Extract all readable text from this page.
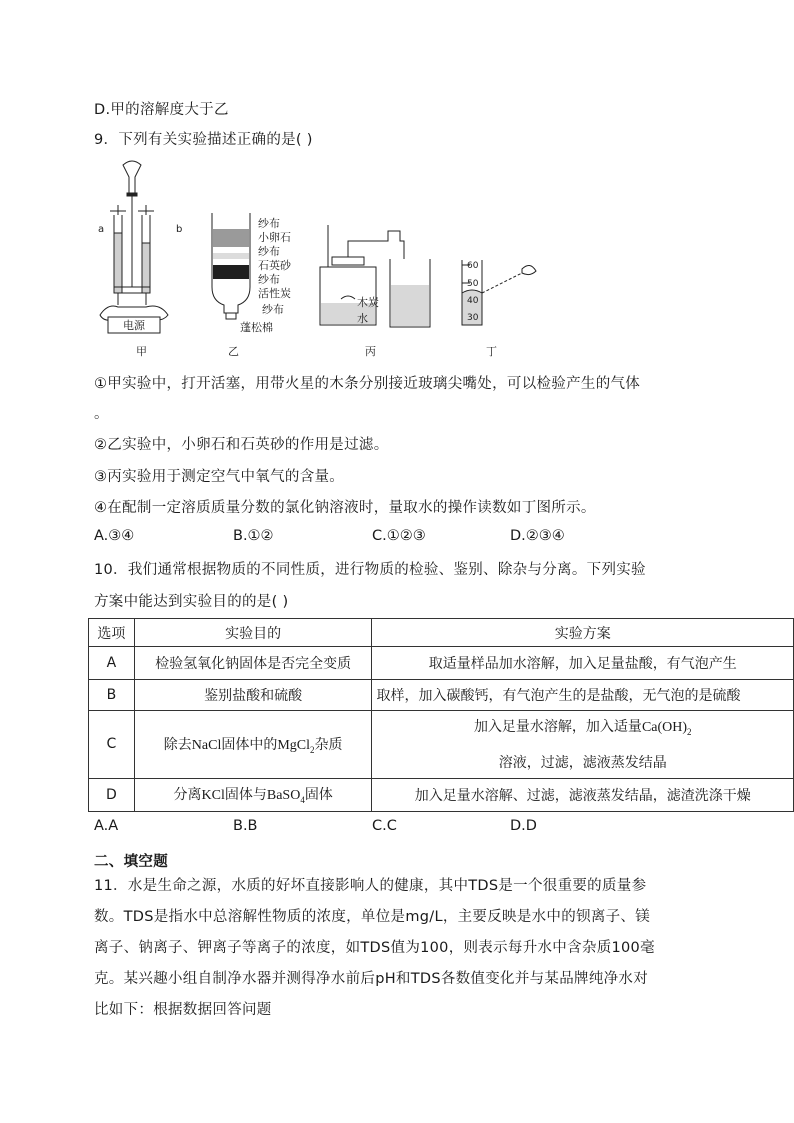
D.甲的溶解度大于乙
9．下列有关实验描述正确的是( )
a	b
电源
甲
纱布
小卵石
纱布
石英砂
纱布
活性炭
纱布
蓬松棉
乙
木炭
水
丙
60
50
40
30
丁
①甲实验中，打开活塞，用带火星的木条分别接近玻璃尖嘴处，可以检验产生的气体
。
②乙实验中，小卵石和石英砂的作用是过滤。
③丙实验用于测定空气中氧气的含量。
④在配制一定溶质质量分数的氯化钠溶液时，量取水的操作读数如丁图所示。
A.③④	B.①②	C.①②③	D.②③④
10．我们通常根据物质的不同性质，进行物质的检验、鉴别、除杂与分离。下列实验
方案中能达到实验目的的是( )
选项	实验目的	实验方案
A	检验氢氧化钠固体是否完全变质	取适量样品加水溶解，加入足量盐酸，有气泡产生
B	鉴别盐酸和硫酸	取样，加入碳酸钙，有气泡产生的是盐酸，无气泡的是硫酸
C	除去NaCl固体中的MgCl$_2$杂质	加入足量水溶解，加入适量$Ca(OH)_2$
溶液，过滤，滤液蒸发结晶

D	分离KCl固体与BaSO$_4$固体	加入足量水溶解、过滤，滤液蒸发结晶，滤渣洗涤干燥
A.A	B.B	C.C	D.D
二、填空题
11．水是生命之源，水质的好坏直接影响人的健康，其中TDS是一个很重要的质量参
数。TDS是指水中总溶解性物质的浓度，单位是mg/L，主要反映是水中的钡离子、镁
离子、钠离子、钾离子等离子的浓度，如TDS值为100，则表示每升水中含杂质100毫
克。某兴趣小组自制净水器并测得净水前后pH和TDS各数值变化并与某品牌纯净水对
比如下：根据数据回答问题
